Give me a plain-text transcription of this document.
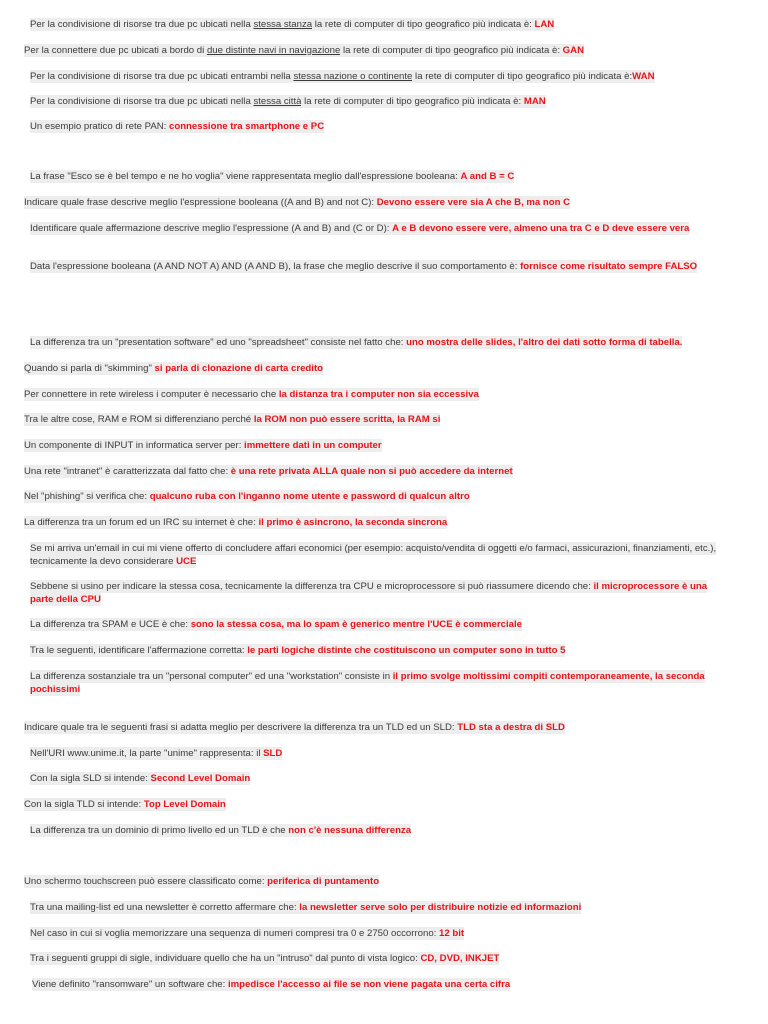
Per la condivisione di risorse tra due pc ubicati nella stessa stanza la rete di computer di tipo geografico più indicata è: LAN
Per la connettere due pc ubicati a bordo di due distinte navi in navigazione la rete di computer di tipo geografico più indicata è: GAN
Per la condivisione di risorse tra due pc ubicati entrambi nella stessa nazione o continente la rete di computer di tipo geografico più indicata è:WAN
Per la condivisione di risorse tra due pc ubicati nella stessa città la rete di computer di tipo geografico più indicata è: MAN
Un esempio pratico di rete PAN: connessione tra smartphone e PC
La frase "Esco se è bel tempo e ne ho voglia" viene rappresentata meglio dall'espressione booleana: A and B = C
Indicare quale frase descrive meglio l'espressione booleana ((A and B) and not C): Devono essere vere sia A che B, ma non C
Identificare quale affermazione descrive meglio l'espressione (A and B) and (C or D): A e B devono essere vere, almeno una tra C e D deve essere vera
Data l'espressione booleana (A AND NOT A) AND (A AND B), la frase che meglio descrive il suo comportamento è: fornisce come risultato sempre FALSO
La differenza tra un "presentation software" ed uno "spreadsheet" consiste nel fatto che: uno mostra delle slides, l'altro dei dati sotto forma di tabella.
Quando si parla di "skimming" si parla di clonazione di carta credito
Per connettere in rete wireless i computer è necessario che la distanza tra i computer non sia eccessiva
Tra le altre cose, RAM e ROM si differenziano perché la ROM non può essere scritta, la RAM si
Un componente di INPUT in informatica server per: immettere dati in un computer
Una rete "intranet" è caratterizzata dal fatto che: è una rete privata ALLA quale non si può accedere da internet
Nel "phishing" si verifica che: qualcuno ruba con l'inganno nome utente e password di qualcun altro
La differenza tra un forum ed un IRC su internet è che: il primo è asincrono, la seconda sincrona
Se mi arriva un'email in cui mi viene offerto di concludere affari economici (per esempio: acquisto/vendita di oggetti e/o farmaci, assicurazioni, finanziamenti, etc.), tecnicamente la devo considerare UCE
Sebbene si usino per indicare la stessa cosa, tecnicamente la differenza tra CPU e microprocessore si può riassumere dicendo che: il microprocessore è una parte della CPU
La differenza tra SPAM e UCE è che: sono la stessa cosa, ma lo spam è generico mentre l'UCE è commerciale
Tra le seguenti, identificare l'affermazione corretta: le parti logiche distinte che costituiscono un computer sono in tutto 5
La differenza sostanziale tra un "personal computer" ed una "workstation" consiste in il primo svolge moltissimi compiti contemporaneamente, la seconda pochissimi
Indicare quale tra le seguenti frasi si adatta meglio per descrivere la differenza tra un TLD ed un SLD: TLD sta a destra di SLD
Nell'URI www.unime.it, la parte "unime" rappresenta: il SLD
Con la sigla SLD si intende: Second Level Domain
Con la sigla TLD si intende: Top Level Domain
La differenza tra un dominio di primo livello ed un TLD è che non c'è nessuna differenza
Uno schermo touchscreen può essere classificato come: periferica di puntamento
Tra una mailing-list ed una newsletter è corretto affermare che: la newsletter serve solo per distribuire notizie ed informazioni
Nel caso in cui si voglia memorizzare una sequenza di numeri compresi tra 0 e 2750 occorrono: 12 bit
Tra i seguenti gruppi di sigle, individuare quello che ha un "intruso" dal punto di vista logico: CD, DVD, INKJET
Viene definito "ransomware" un software che: impedisce l'accesso ai file se non viene pagata una certa cifra
